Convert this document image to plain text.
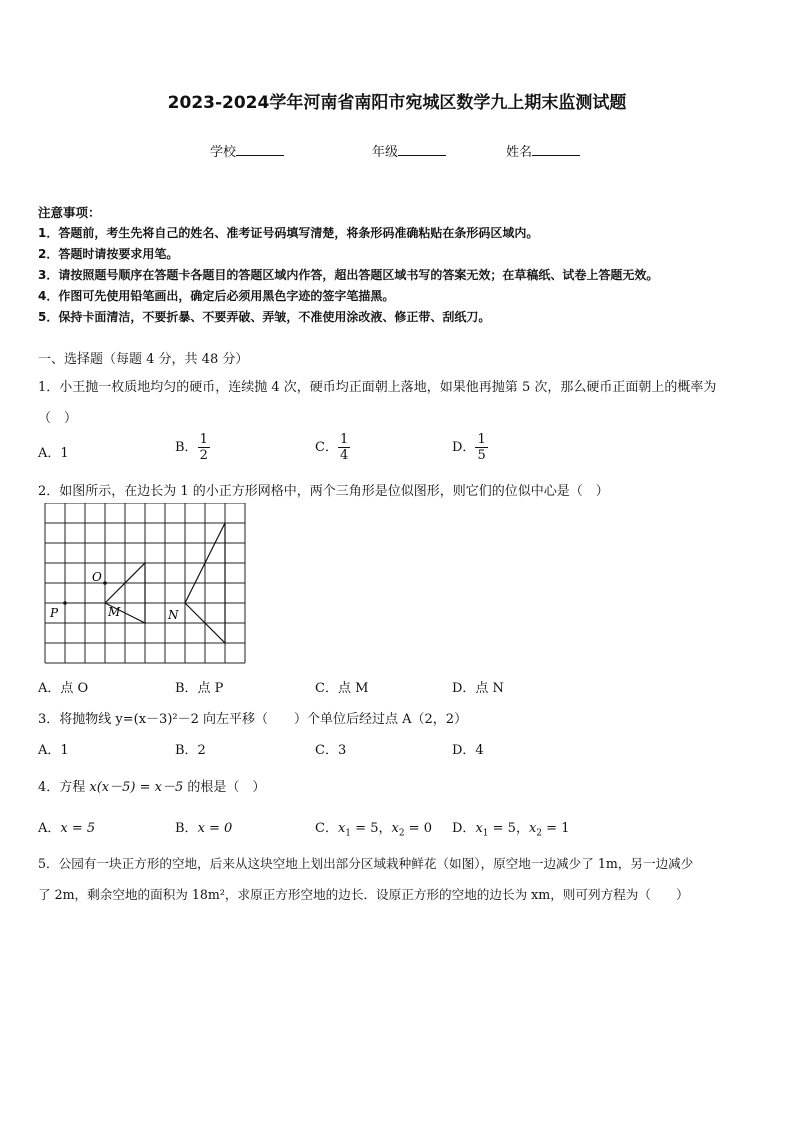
2023-2024学年河南省南阳市宛城区数学九上期末监测试题
学校	年级	姓名
注意事项：
1．答题前，考生先将自己的姓名、准考证号码填写清楚，将条形码准确粘贴在条形码区域内。
2．答题时请按要求用笔。
3．请按照题号顺序在答题卡各题目的答题区域内作答，超出答题区域书写的答案无效；在草稿纸、试卷上答题无效。
4．作图可先使用铅笔画出，确定后必须用黑色字迹的签字笔描黑。
5．保持卡面清洁，不要折暴、不要弄破、弄皱，不准使用涂改液、修正带、刮纸刀。
一、选择题（每题 4 分，共 48 分）
1．小王抛一枚质地均匀的硬币，连续抛 4 次，硬币均正面朝上落地，如果他再抛第 5 次，那么硬币正面朝上的概率为
（　）
A．1	B． $\frac{1}{2}$	C． $\frac{1}{4}$	D． $\frac{1}{5}$
2．如图所示，在边长为 1 的小正方形网格中，两个三角形是位似图形，则它们的位似中心是（　）
O
P	M	N
A．点 O	B．点 P	C．点 M	D．点 N
3．将抛物线 y=(x－3)²－2 向左平移（　　）个单位后经过点 A（2，2）
A．1	B．2	C．3	D．4
4．方程 x(x－5) = x－5 的根是（　）
A．x = 5	B．x = 0	C．$x_1 = 5$，$x_2 = 0$ D．$x_1 = 5$，$x_2 = 1$
5．公园有一块正方形的空地，后来从这块空地上划出部分区域栽种鲜花（如图），原空地一边减少了 1m，另一边减少
了 2m，剩余空地的面积为 18m²，求原正方形空地的边长．设原正方形的空地的边长为 xm，则可列方程为（　　）
